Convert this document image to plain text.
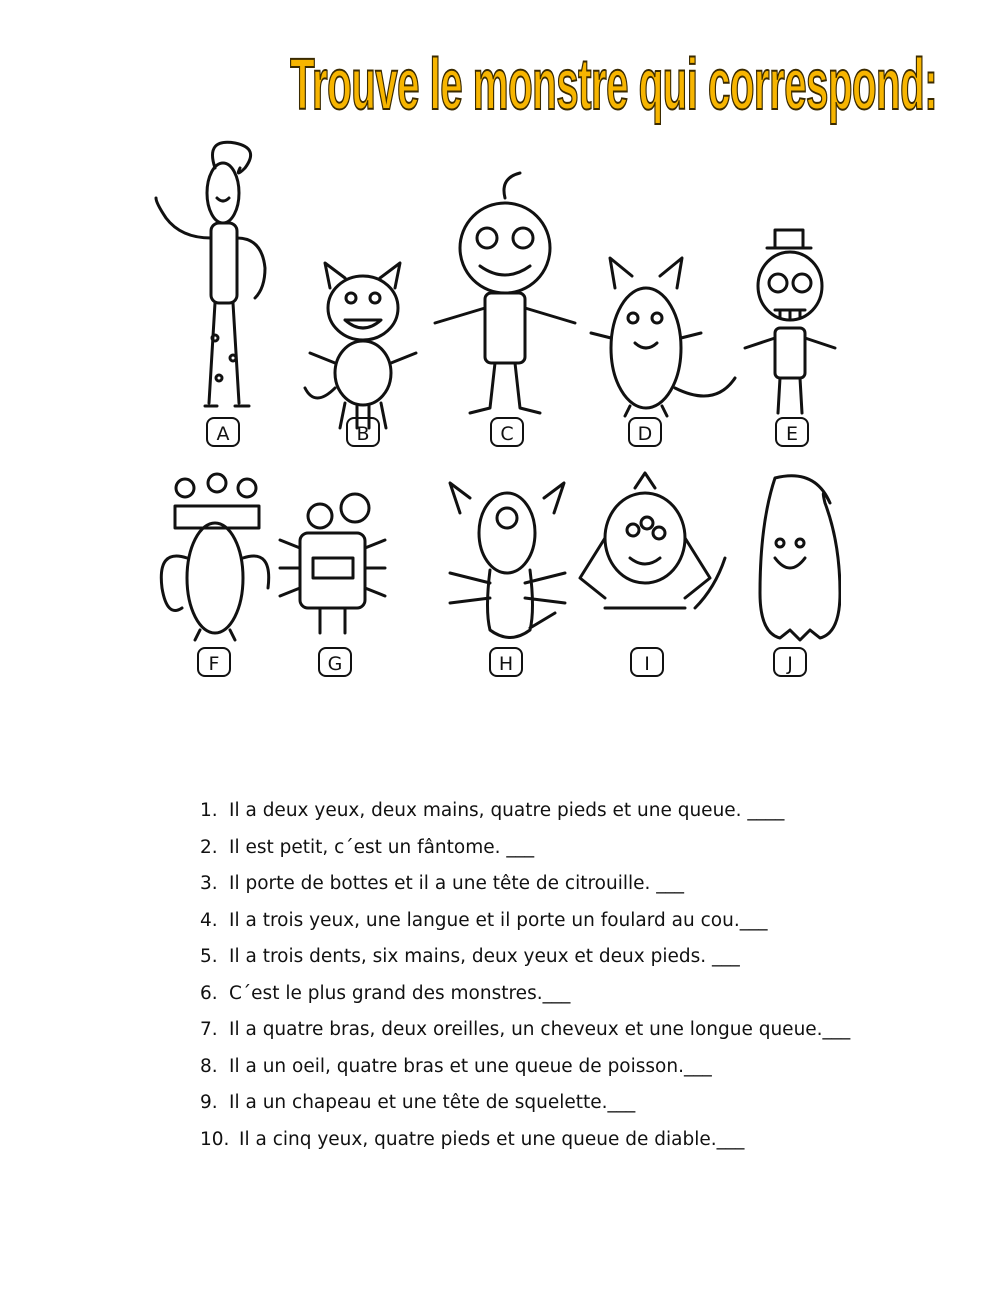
Trouve le monstre qui correspond:
A	B	C	D	E
F	G	H	I	J
1. Il a deux yeux, deux mains, quatre pieds et une queue. ____
2. Il est petit, c´est un fântome. ___
3. Il porte de bottes et il a une tête de citrouille. ___
4. Il a trois yeux, une langue et il porte un foulard au cou.___
5. Il a trois dents, six mains, deux yeux et deux pieds. ___
6. C´est le plus grand des monstres.___
7. Il a quatre bras, deux oreilles, un cheveux et une longue queue.___
8. Il a un oeil, quatre bras et une queue de poisson.___
9. Il a un chapeau et une tête de squelette.___
10. Il a cinq yeux, quatre pieds et une queue de diable.___
